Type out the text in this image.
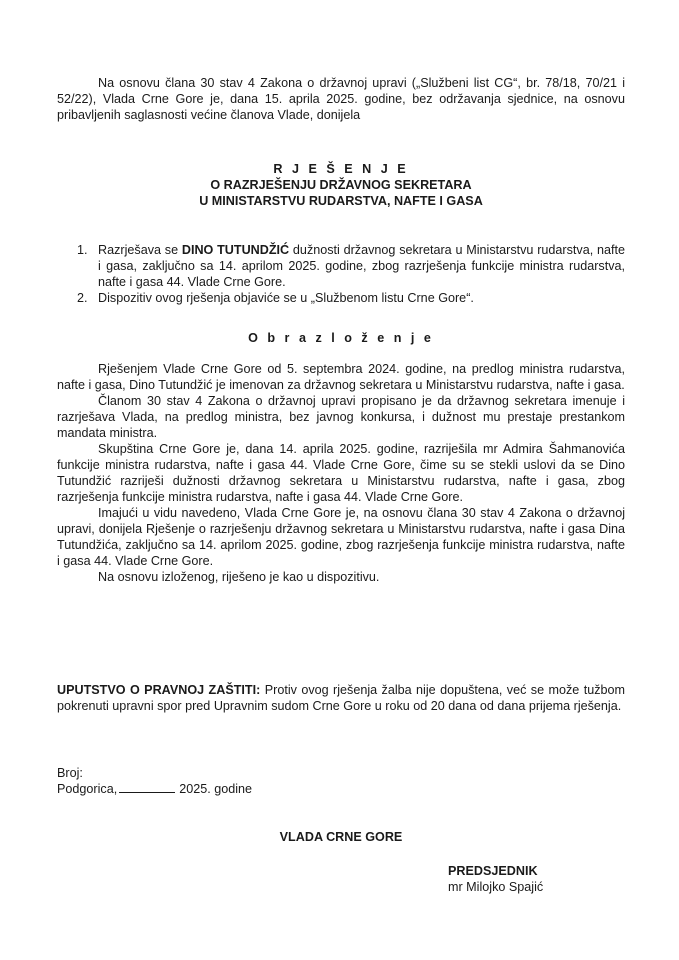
Na osnovu člana 30 stav 4 Zakona o državnoj upravi („Službeni list CG“, br. 78/18, 70/21 i 52/22), Vlada Crne Gore je, dana 15. aprila 2025. godine, bez održavanja sjednice, na osnovu pribavljenih saglasnosti većine članova Vlade, donijela
R J E Š E N J E
O RAZRJEŠENJU DRŽAVNOG SEKRETARA
U MINISTARSTVU RUDARSTVA, NAFTE I GASA
1. Razrješava se DINO TUTUNDŽIĆ dužnosti državnog sekretara u Ministarstvu rudarstva, nafte i gasa, zaključno sa 14. aprilom 2025. godine, zbog razrješenja funkcije ministra rudarstva, nafte i gasa 44. Vlade Crne Gore.
2. Dispozitiv ovog rješenja objaviće se u „Službenom listu Crne Gore“.
O b r a z l o ž e n j e

Rješenjem Vlade Crne Gore od 5. septembra 2024. godine, na predlog ministra rudarstva, nafte i gasa, Dino Tutundžić je imenovan za državnog sekretara u Ministarstvu rudarstva, nafte i gasa.

Članom 30 stav 4 Zakona o državnoj upravi propisano je da državnog sekretara imenuje i razrješava Vlada, na predlog ministra, bez javnog konkursa, i dužnost mu prestaje prestankom mandata ministra.

Skupština Crne Gore je, dana 14. aprila 2025. godine, razriješila mr Admira Šahmanovića funkcije ministra rudarstva, nafte i gasa 44. Vlade Crne Gore, čime su se stekli uslovi da se Dino Tutundžić razriješi dužnosti državnog sekretara u Ministarstvu rudarstva, nafte i gasa, zbog razrješenja funkcije ministra rudarstva, nafte i gasa 44. Vlade Crne Gore.

Imajući u vidu navedeno, Vlada Crne Gore je, na osnovu člana 30 stav 4 Zakona o državnoj upravi, donijela Rješenje o razrješenju državnog sekretara u Ministarstvu rudarstva, nafte i gasa Dina Tutundžića, zaključno sa 14. aprilom 2025. godine, zbog razrješenja funkcije ministra rudarstva, nafte i gasa 44. Vlade Crne Gore.

Na osnovu izloženog, riješeno je kao u dispozitivu.

UPUTSTVO O PRAVNOJ ZAŠTITI: Protiv ovog rješenja žalba nije dopuštena, već se može tužbom pokrenuti upravni spor pred Upravnim sudom Crne Gore u roku od 20 dana od dana prijema rješenja.
Broj:
Podgorica,	2025. godine
VLADA CRNE GORE
PREDSJEDNIK
mr Milojko Spajić
